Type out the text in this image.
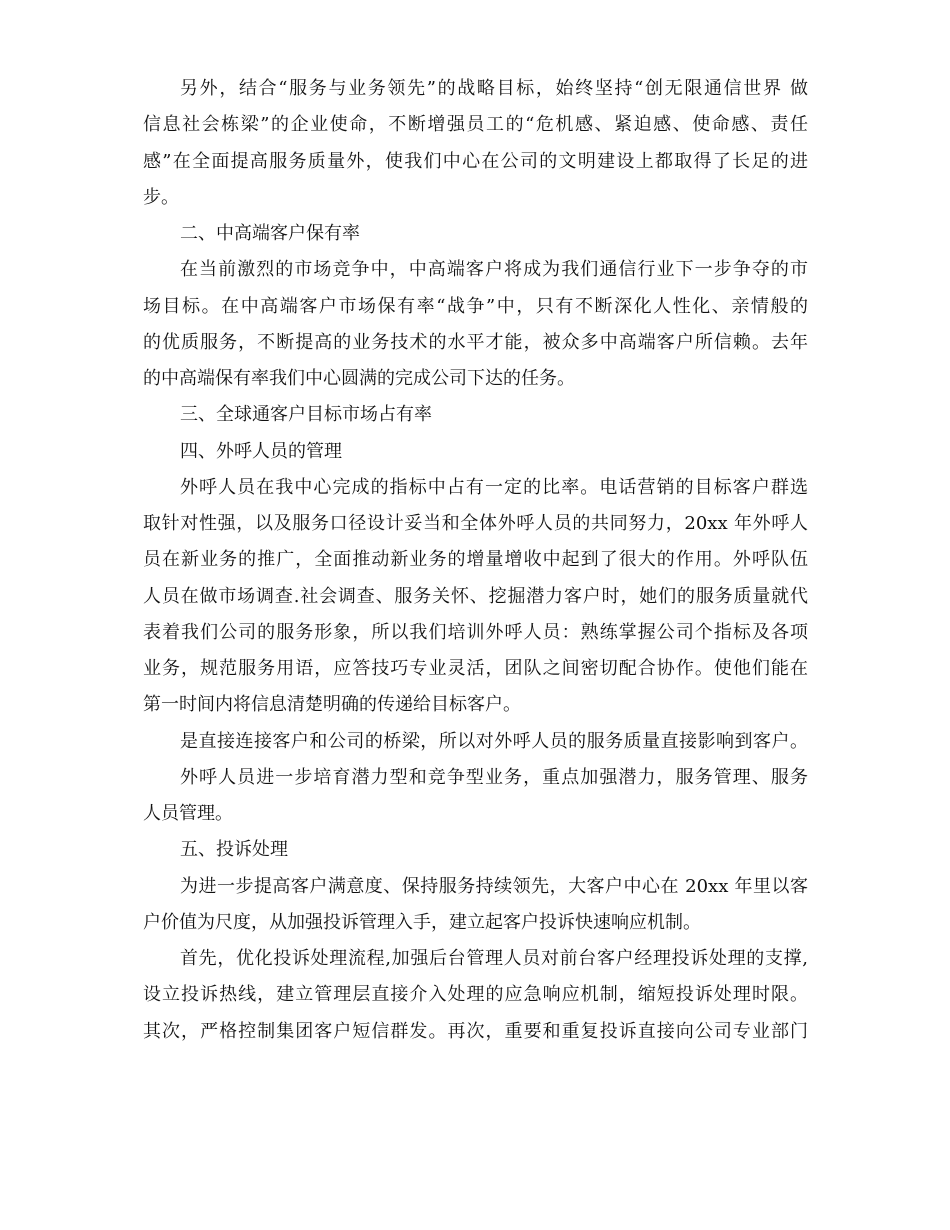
另外，结合“服务与业务领先”的战略目标，始终坚持“创无限通信世界 做
信息社会栋梁”的企业使命，不断增强员工的“危机感、紧迫感、使命感、责任
感”在全面提高服务质量外，使我们中心在公司的文明建设上都取得了长足的进
步。
二、中高端客户保有率
在当前激烈的市场竞争中，中高端客户将成为我们通信行业下一步争夺的市
场目标。在中高端客户市场保有率“战争”中，只有不断深化人性化、亲情般的
的优质服务，不断提高的业务技术的水平才能，被众多中高端客户所信赖。去年
的中高端保有率我们中心圆满的完成公司下达的任务。
三、全球通客户目标市场占有率
四、外呼人员的管理
外呼人员在我中心完成的指标中占有一定的比率。电话营销的目标客户群选
取针对性强，以及服务口径设计妥当和全体外呼人员的共同努力，20xx 年外呼人
员在新业务的推广，全面推动新业务的增量增收中起到了很大的作用。外呼队伍
人员在做市场调查.社会调查、服务关怀、挖掘潜力客户时，她们的服务质量就代
表着我们公司的服务形象，所以我们培训外呼人员：熟练掌握公司个指标及各项
业务，规范服务用语，应答技巧专业灵活，团队之间密切配合协作。使他们能在
第一时间内将信息清楚明确的传递给目标客户。
是直接连接客户和公司的桥梁，所以对外呼人员的服务质量直接影响到客户。
外呼人员进一步培育潜力型和竞争型业务，重点加强潜力，服务管理、服务
人员管理。
五、投诉处理
为进一步提高客户满意度、保持服务持续领先，大客户中心在 20xx 年里以客
户价值为尺度，从加强投诉管理入手，建立起客户投诉快速响应机制。
首先，优化投诉处理流程,加强后台管理人员对前台客户经理投诉处理的支撑,
设立投诉热线，建立管理层直接介入处理的应急响应机制，缩短投诉处理时限。
其次，严格控制集团客户短信群发。再次，重要和重复投诉直接向公司专业部门
